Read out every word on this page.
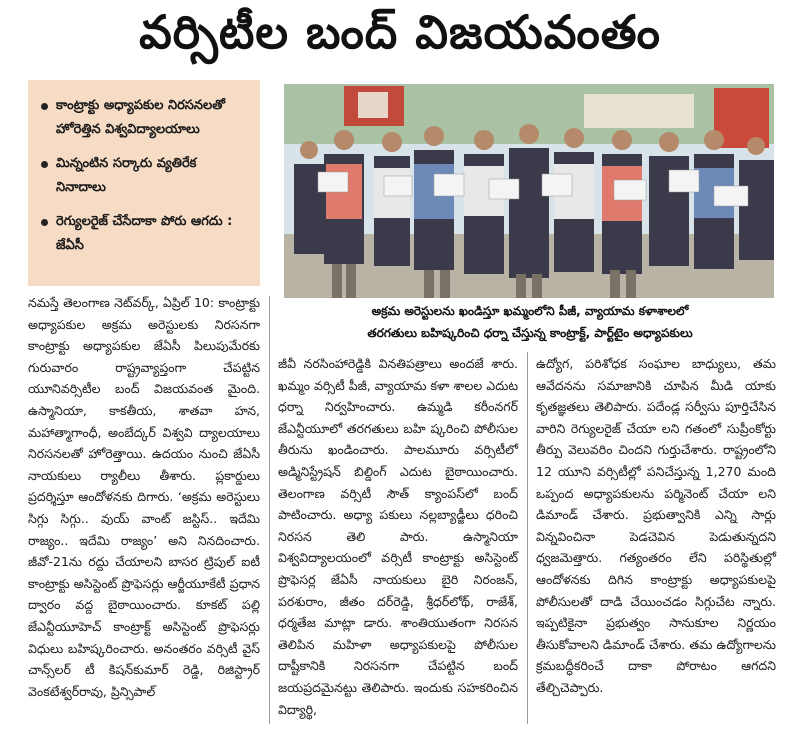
వర్సిటీల బంద్ విజయవంతం
కాంట్రాక్టు అధ్యాపకుల నిరసనలతో హోరెత్తిన విశ్వవిద్యాలయాలు
మిన్నంటిన సర్కారు వ్యతిరేక నినాదాలు
రెగ్యులరైజ్ చేసేదాకా పోరు ఆగదు : జేఏసీ
అక్రమ అరెస్టులను ఖండిస్తూ ఖమ్మంలోని పీజీ, వ్యాయామ కళాశాలలో
తరగతులు బహిష్కరించి ధర్నా చేస్తున్న కాంట్రాక్ట్, పార్ట్‌టైం అధ్యాపకులు

నమస్తే తెలంగాణ నెట్‌వర్క్, ఏప్రిల్ 10: కాంట్రాక్టు అధ్యాపకుల అక్రమ అరెస్టులకు నిరసనగా కాంట్రాక్టు అధ్యాపకుల జేఏసీ పిలుపుమేరకు గురువారం రాష్ట్రవ్యాప్తంగా చేపట్టిన యూనివర్సిటీల బంద్ విజయవంత మైంది. ఉస్మానియా, కాకతీయ, శాతవా హన, మహాత్మాగాంధీ, అంబేద్కర్ విశ్వవి ద్యాలయాలు నిరసనలతో హోరెత్తాయి. ఉదయం నుంచి జేఏసీ నాయకులు ర్యాలీలు తీశారు. ప్లకార్డులు ప్రదర్శిస్తూ ఆందోళనకు దిగారు. ‘అక్రమ అరెస్టులు సిగ్గు సిగ్గు.. వుయ్ వాంట్ జస్టిస్.. ఇదేమి రాజ్యం.. ఇదేమి రాజ్యం’ అని నినదించారు. జీవో-21ను రద్దు చేయాలని బాసర ట్రిపుల్ ఐటీ కాంట్రాక్టు అసిస్టెంట్ ప్రొఫెసర్లు ఆర్జీయూకేటీ ప్రధాన ద్వారం వద్ద బైఠాయించారు. కూకట్ పల్లి జేఎన్టీయూహెచ్ కాంట్రాక్ట్ అసిస్టెంట్ ప్రొఫెసర్లు విధులు బహిష్కరించారు. అనంతరం వర్సిటీ వైస్ చాన్స్‌లర్ టీ కిషన్‌కుమార్ రెడ్డి, రిజిస్ట్రార్ వెంకటేశ్వర్‌రావు, ప్రిన్సిపాల్

జీవీ నరసింహారెడ్డికి వినతిపత్రాలు అందజే శారు. ఖమ్మం వర్సిటీ పీజీ, వ్యాయామ కళా శాలల ఎదుట ధర్నా నిర్వహించారు. ఉమ్మడి కరీంనగర్ జేఎన్టీయూలో తరగతులు బహి ష్కరించి పోలీసుల తీరును ఖండించారు. పాలమూరు వర్సిటీలో అడ్మినిస్ట్రేషన్ బిల్డింగ్ ఎదుట బైఠాయించారు. తెలంగాణ వర్సిటీ సౌత్ క్యాంపస్‌లో బంద్ పాటించారు. అధ్యా పకులు నల్లబ్యాడ్జీలు ధరించి నిరసన తెలి పారు. ఉస్మానియా విశ్వవిద్యాలయంలో వర్సిటీ కాంట్రాక్టు అసిస్టెంట్ ప్రొఫెసర్ల జేఏసీ నాయకులు బైరి నిరంజన్, పరశురాం, జీతం దర్‌రెడ్డి, శ్రీధర్‌లోథ్, రాజేశ్, ధర్మతేజ మాట్లా డారు. శాంతియుతంగా నిరసన తెలిపిన మహిళా అధ్యాపకులపై పోలీసుల దాష్టీకానికి నిరసనగా చేపట్టిన బంద్ జయప్రదమైనట్టు తెలిపారు. ఇందుకు సహకరించిన విద్యార్థి,

ఉద్యోగ, పరిశోధక సంఘాల బాధ్యులు, తమ ఆవేదనను సమాజానికి చూపిన మీడి యాకు కృతజ్ఞతలు తెలిపారు. పదేండ్ల సర్వీసు పూర్తిచేసిన వారిని రెగ్యులరైజ్ చేయా లని గతంలో సుప్రీంకోర్టు తీర్పు వెలువరిం చిందని గుర్తుచేశారు. రాష్ట్రంలోని 12 యూని వర్సిటీల్లో పనిచేస్తున్న 1,270 మంది ఒప్పంద అధ్యాపకులను పర్మినెంట్ చేయా లని డిమాండ్ చేశారు. ప్రభుత్వానికి ఎన్ని సార్లు విన్నవించినా పెడచెవిన పెడుతున్నదని ధ్వజమెత్తారు. గత్యంతరం లేని పరిస్థితుల్లో ఆందోళనకు దిగిన కాంట్రాక్టు అధ్యాపకులపై పోలీసులతో దాడి చేయించడం సిగ్గుచేట న్నారు. ఇప్పటికైనా ప్రభుత్వం సానుకూల నిర్ణయం తీసుకోవాలని డిమాండ్ చేశారు. తమ ఉద్యోగాలను క్రమబద్ధీకరించే దాకా పోరాటం ఆగదని తేల్చిచెప్పారు.
